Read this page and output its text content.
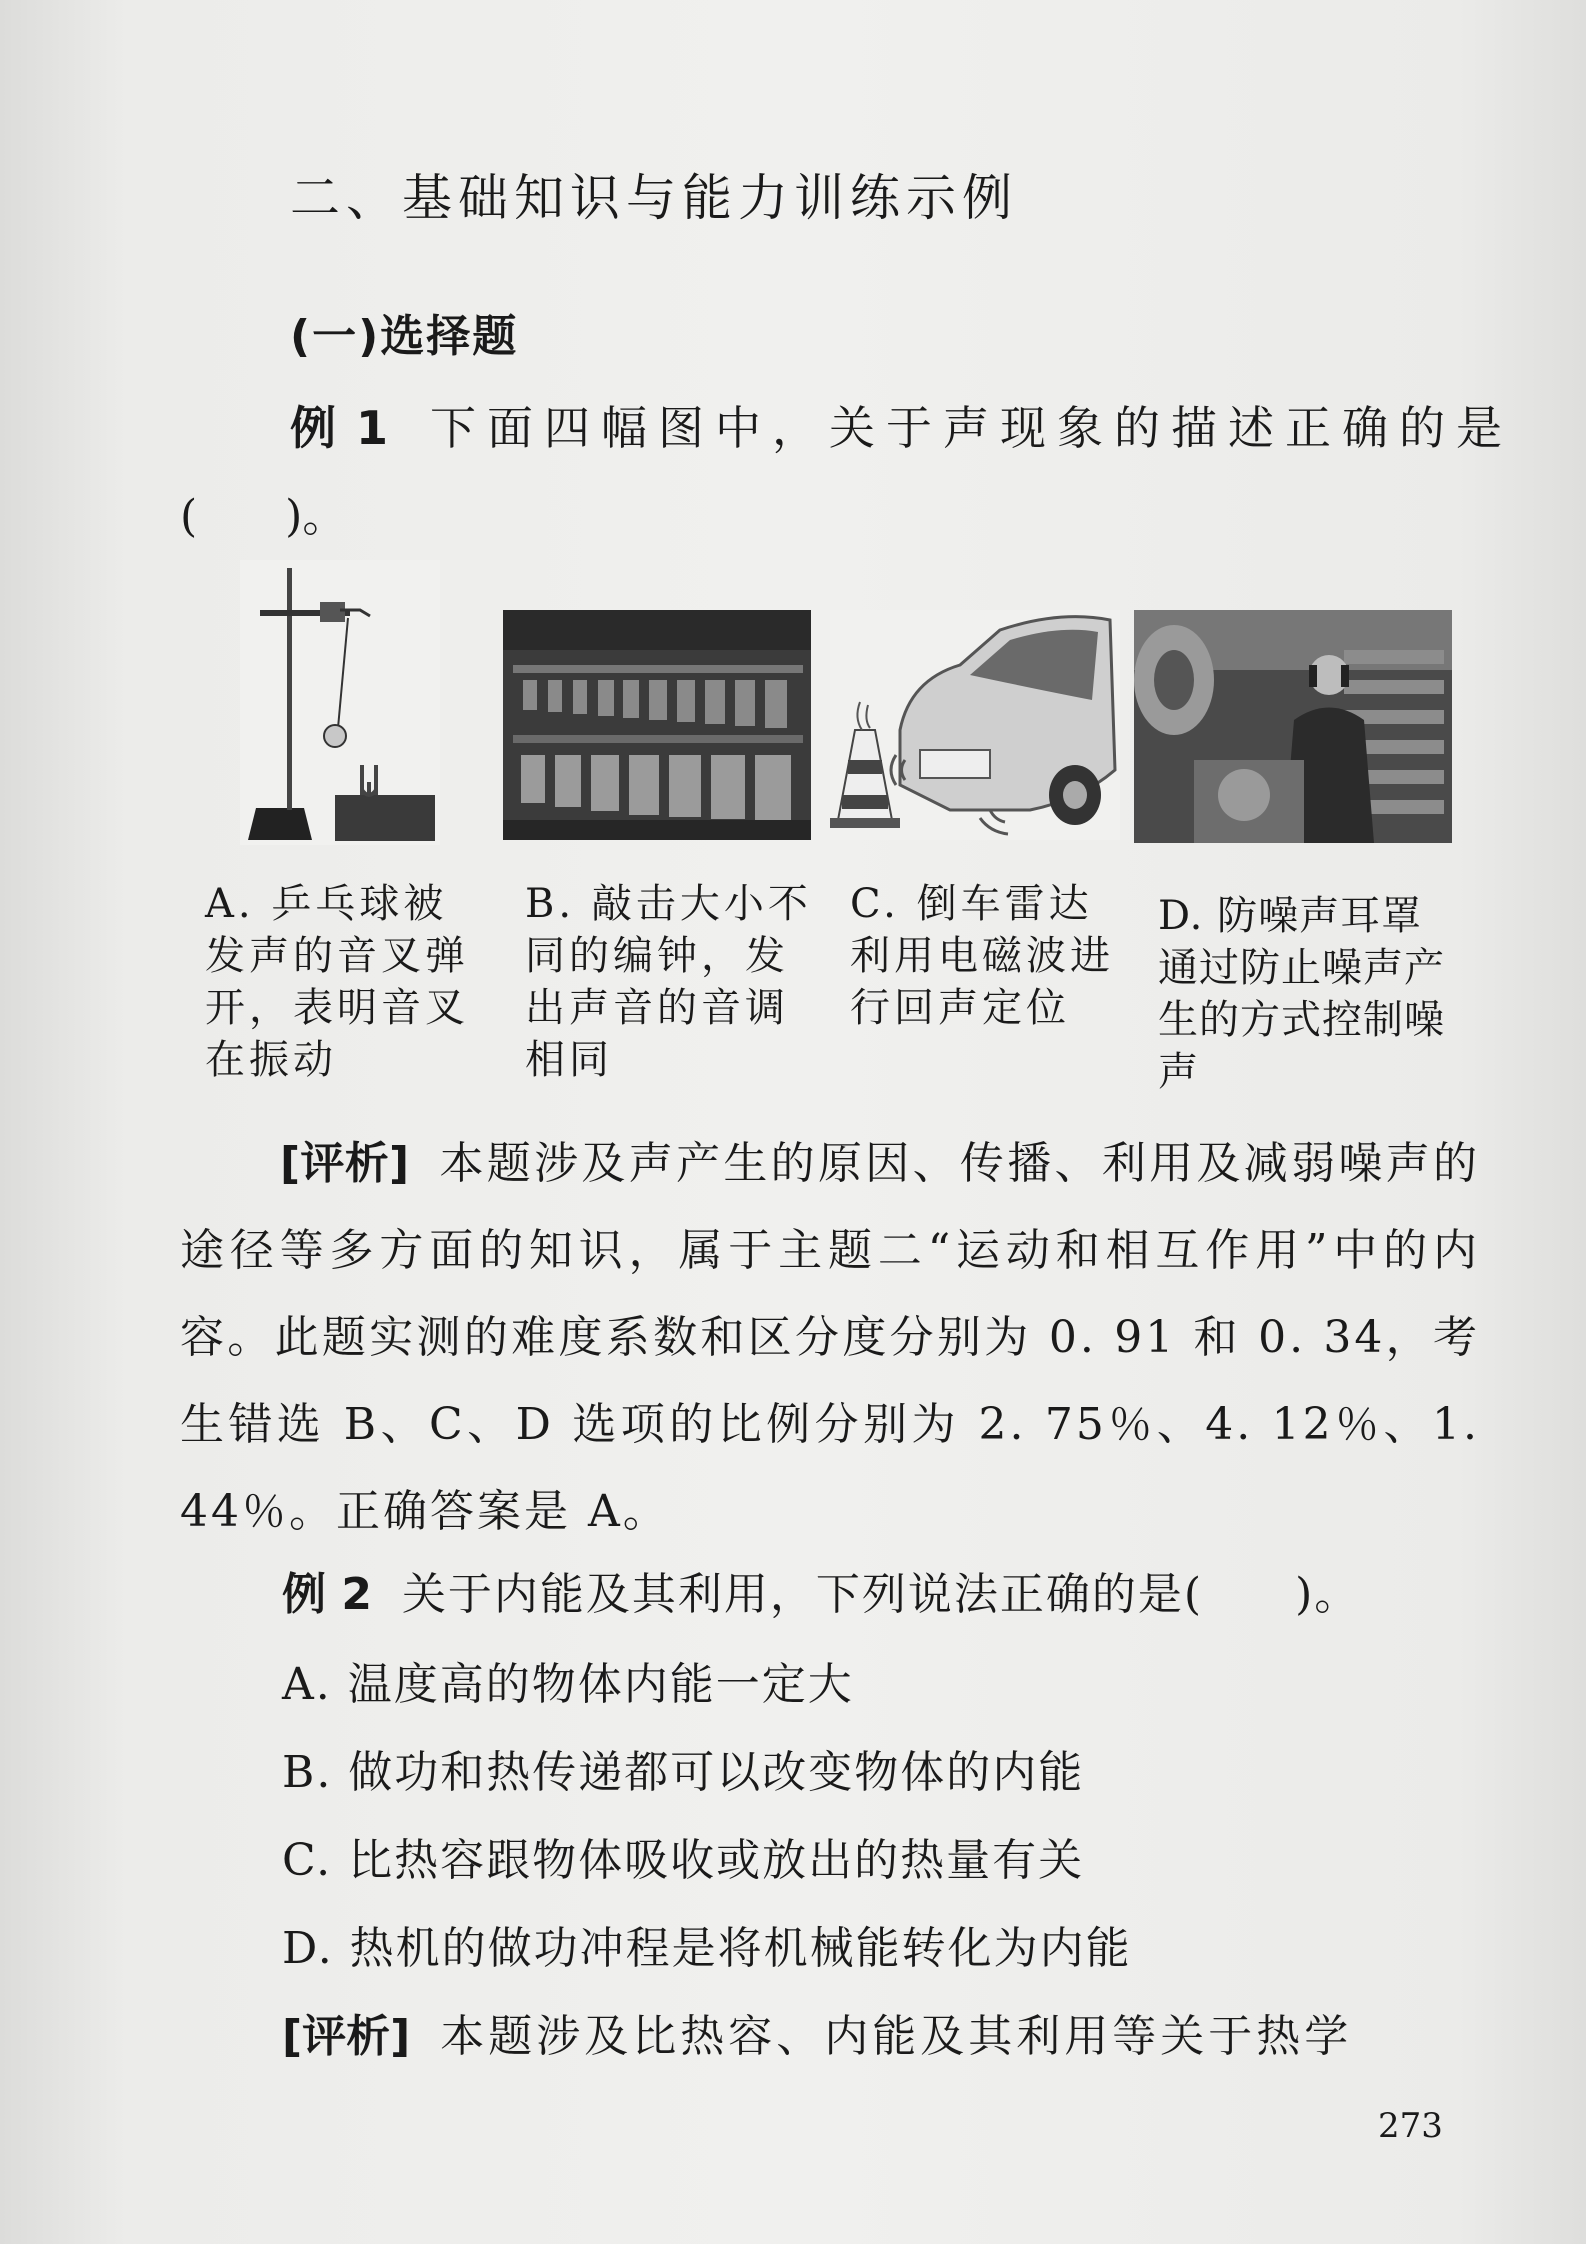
二、基础知识与能力训练示例
(一)选择题
例 1 下面四幅图中，关于声现象的描述正确的是
(　　)。
A. 乒乓球被发声的音叉弹开，表明音叉在振动
B. 敲击大小不同的编钟，发出声音的音调相同
C. 倒车雷达利用电磁波进行回声定位
D. 防噪声耳罩通过防止噪声产生的方式控制噪声
[评析] 本题涉及声产生的原因、传播、利用及减弱噪声的途径等多方面的知识，属于主题二“运动和相互作用”中的内容。此题实测的难度系数和区分度分别为 0. 91 和 0. 34，考生错选 B、C、D 选项的比例分别为 2. 75％、4. 12％、1. 44％。正确答案是 A。
例 2 关于内能及其利用，下列说法正确的是(　　)。
A. 温度高的物体内能一定大
B. 做功和热传递都可以改变物体的内能
C. 比热容跟物体吸收或放出的热量有关
D. 热机的做功冲程是将机械能转化为内能
[评析] 本题涉及比热容、内能及其利用等关于热学
273
